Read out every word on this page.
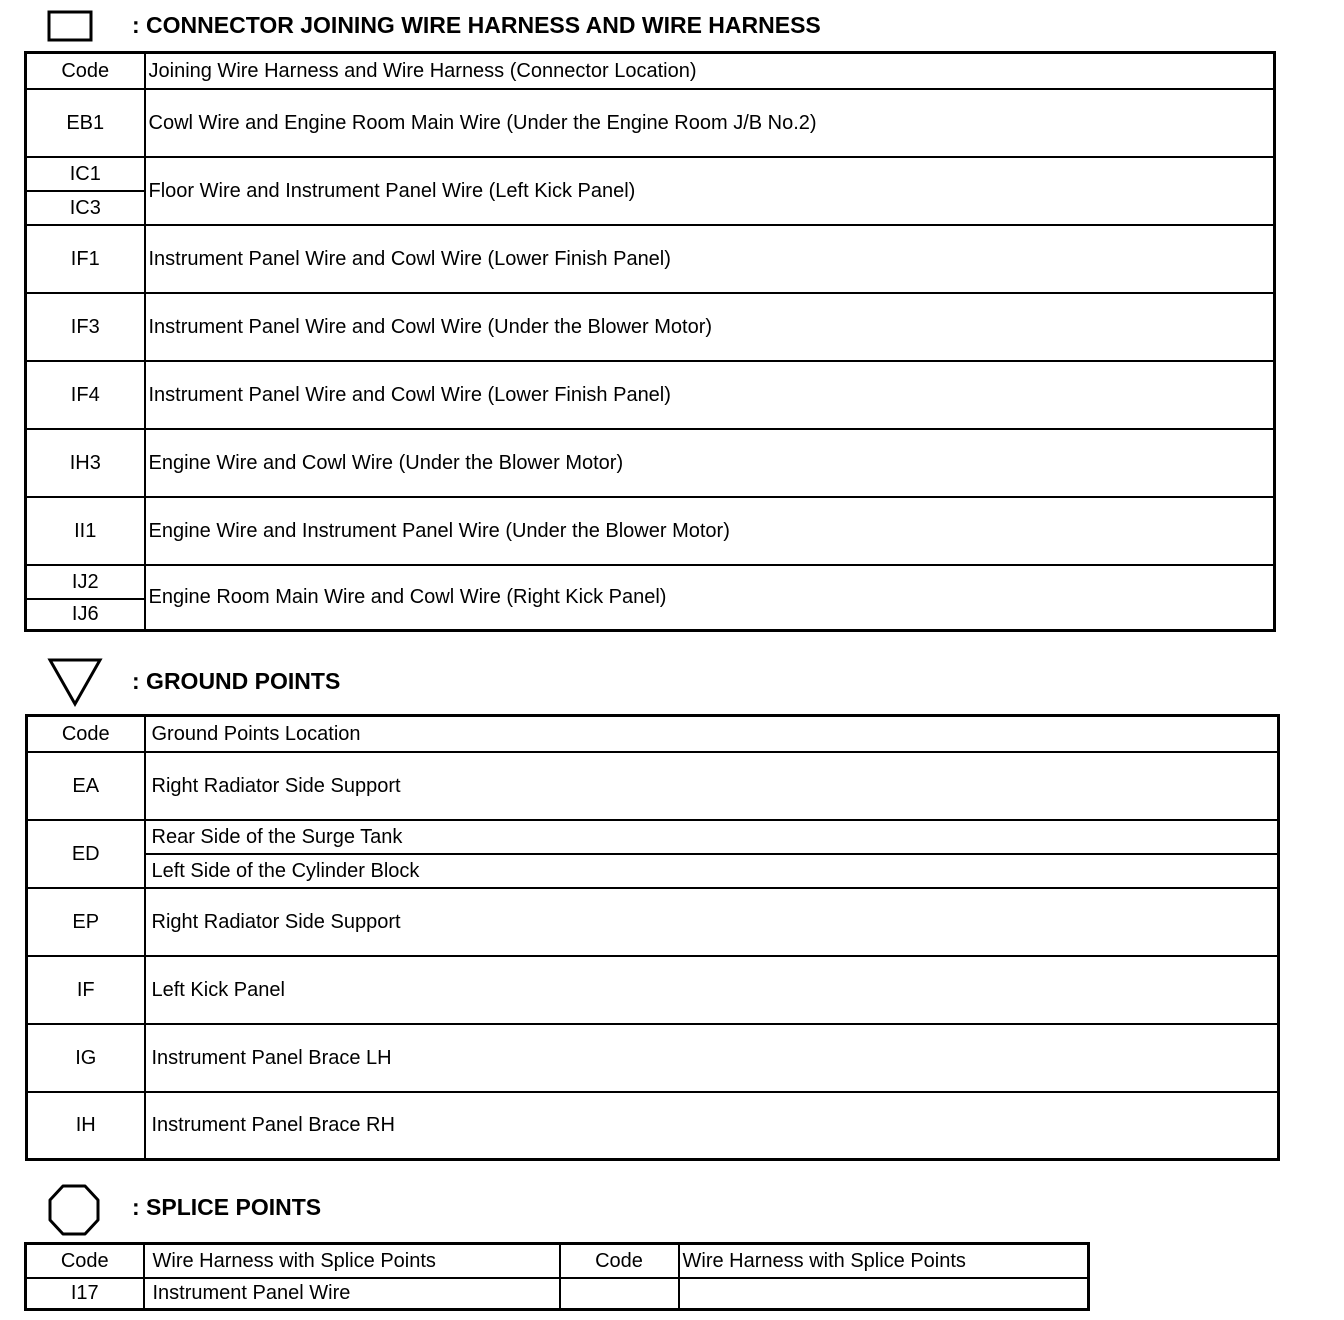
: CONNECTOR JOINING WIRE HARNESS AND WIRE HARNESS
Code	Joining Wire Harness and Wire Harness (Connector Location)
EB1	Cowl Wire and Engine Room Main Wire (Under the Engine Room J/B No.2)
IC1	Floor Wire and Instrument Panel Wire (Left Kick Panel)
IC3	
IF1	Instrument Panel Wire and Cowl Wire (Lower Finish Panel)
IF3	Instrument Panel Wire and Cowl Wire (Under the Blower Motor)
IF4	Instrument Panel Wire and Cowl Wire (Lower Finish Panel)
IH3	Engine Wire and Cowl Wire (Under the Blower Motor)
II1	Engine Wire and Instrument Panel Wire (Under the Blower Motor)
IJ2	Engine Room Main Wire and Cowl Wire (Right Kick Panel)
IJ6	
: GROUND POINTS
Code	Ground Points Location
EA	Right Radiator Side Support
ED	Rear Side of the Surge Tank
	Left Side of the Cylinder Block
EP	Right Radiator Side Support
IF	Left Kick Panel
IG	Instrument Panel Brace LH
IH	Instrument Panel Brace RH
: SPLICE POINTS
Code	Wire Harness with Splice Points	Code	Wire Harness with Splice Points
I17	Instrument Panel Wire		
